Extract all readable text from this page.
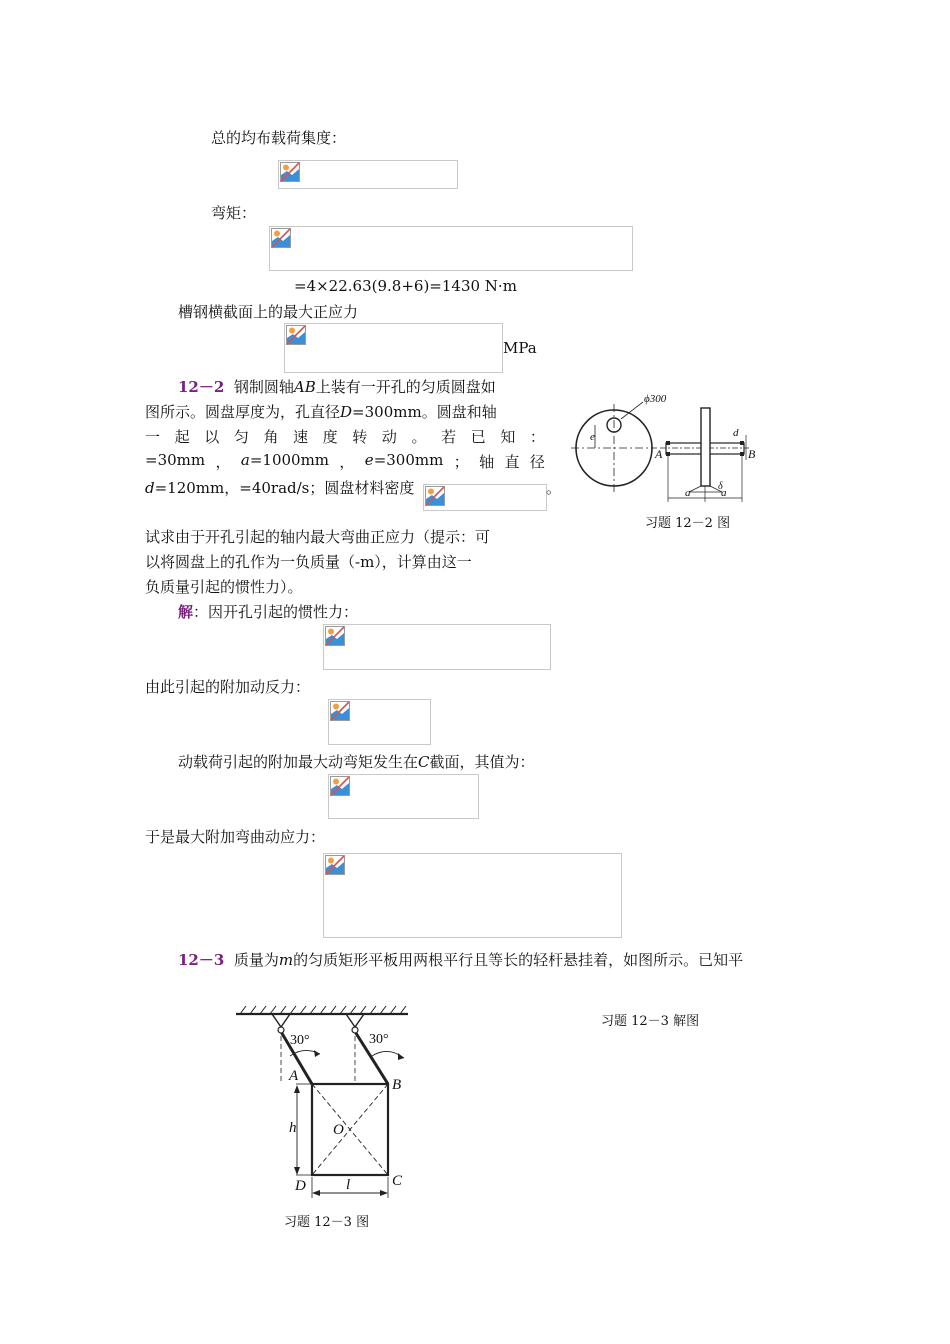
总的均布载荷集度：
弯矩：
=4×22.63(9.8+6)=1430 N·m
槽钢横截面上的最大正应力
MPa
12－2 钢制圆轴AB上装有一开孔的匀质圆盘如
图所示。圆盘厚度为，孔直径D=300mm。圆盘和轴
一 起 以 匀 角 速 度 转 动 。 若 已 知 ：
=30mm ， a=1000mm ， e=300mm ； 轴 直 径
d=120mm，=40rad/s；圆盘材料密度	。
试求由于开孔引起的轴内最大弯曲正应力（提示：可
以将圆盘上的孔作为一负质量（-m），计算由这一
负质量引起的惯性力）。
ϕ300
e
A	B
d
a	a
δ
习题 12－2 图
解：因开孔引起的惯性力：
由此引起的附加动反力：
动载荷引起的附加最大动弯矩发生在C截面，其值为：
于是最大附加弯曲动应力：
12－3 质量为m的匀质矩形平板用两根平行且等长的轻杆悬挂着，如图所示。已知平
习题 12－3 解图
30°	30°
A
B
C
D
O
h
l
习题 12－3 图
